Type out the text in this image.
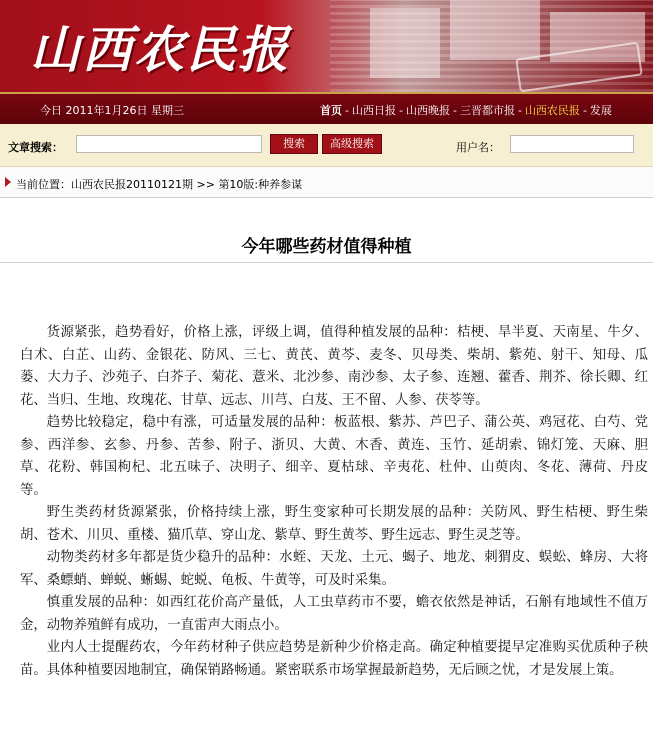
山西农民报
今日 2011年1月26日 星期三	首页 - 山西日报 - 山西晚报 - 三晋都市报 - 山西农民报 - 发展
文章搜索：	搜索	高级搜索	用户名：
当前位置：山西农民报20110121期 >> 第10版:种养参谋
今年哪些药材值得种植

货源紧张，趋势看好，价格上涨，评级上调，值得种植发展的品种：桔梗、旱半夏、天南星、牛夕、白术、白芷、山药、金银花、防风、三七、黄芪、黄芩、麦冬、贝母类、柴胡、紫苑、射干、知母、瓜蒌、大力子、沙苑子、白芥子、菊花、薏米、北沙参、南沙参、太子参、连翘、藿香、荆芥、徐长卿、红花、当归、生地、玫瑰花、甘草、远志、川芎、白芨、王不留、人参、茯苓等。

趋势比较稳定，稳中有涨，可适量发展的品种：板蓝根、紫苏、芦巴子、蒲公英、鸡冠花、白芍、党参、西洋参、玄参、丹参、苦参、附子、浙贝、大黄、木香、黄连、玉竹、延胡索、锦灯笼、天麻、胆草、花粉、韩国枸杞、北五味子、决明子、细辛、夏枯球、辛夷花、杜仲、山萸肉、冬花、薄荷、丹皮等。

野生类药材货源紧张，价格持续上涨，野生变家种可长期发展的品种：关防风、野生桔梗、野生柴胡、苍术、川贝、重楼、猫爪草、穿山龙、紫草、野生黄芩、野生远志、野生灵芝等。

动物类药材多年都是货少稳升的品种：水蛭、天龙、土元、蝎子、地龙、刺猬皮、蜈蚣、蜂房、大将军、桑螵蛸、蝉蜕、蜥蜴、蛇蜕、龟板、牛黄等，可及时采集。

慎重发展的品种：如西红花价高产量低，人工虫草药市不要，蟾衣依然是神话，石斛有地域性不值万金，动物养殖鲜有成功，一直雷声大雨点小。

业内人士提醒药农，今年药材种子供应趋势是新种少价格走高。确定种植要提早定准购买优质种子秧苗。具体种植要因地制宜，确保销路畅通。紧密联系市场掌握最新趋势，无后顾之忧，才是发展上策。
